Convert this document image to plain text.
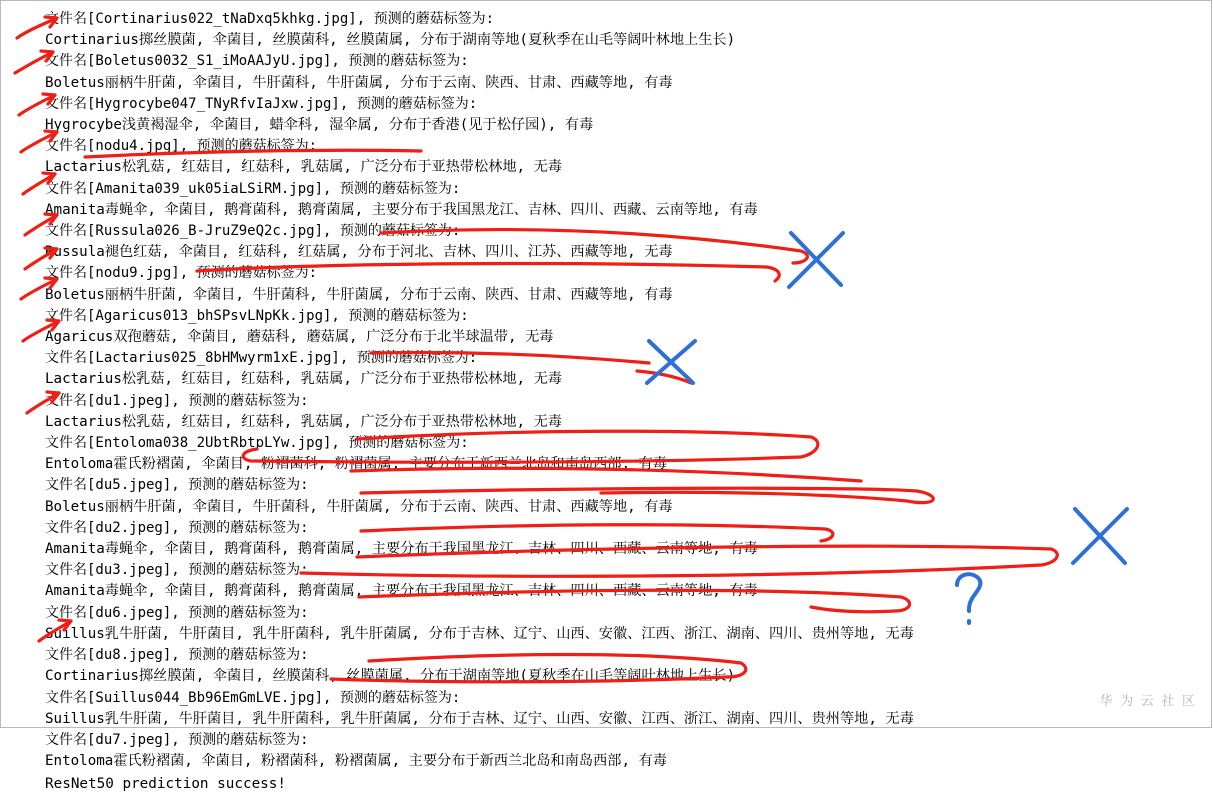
文件名[Cortinarius022_tNaDxq5khkg.jpg], 预测的蘑菇标签为:
Cortinarius掷丝膜菌, 伞菌目, 丝膜菌科, 丝膜菌属, 分布于湖南等地(夏秋季在山毛等阔叶林地上生长)
文件名[Boletus0032_S1_iMoAAJyU.jpg], 预测的蘑菇标签为:
Boletus丽柄牛肝菌, 伞菌目, 牛肝菌科, 牛肝菌属, 分布于云南、陕西、甘肃、西藏等地, 有毒
文件名[Hygrocybe047_TNyRfvIaJxw.jpg], 预测的蘑菇标签为:
Hygrocybe浅黄褐湿伞, 伞菌目, 蜡伞科, 湿伞属, 分布于香港(见于松仔园), 有毒
文件名[nodu4.jpg], 预测的蘑菇标签为:
Lactarius松乳菇, 红菇目, 红菇科, 乳菇属, 广泛分布于亚热带松林地, 无毒
文件名[Amanita039_uk05iaLSiRM.jpg], 预测的蘑菇标签为:
Amanita毒蝇伞, 伞菌目, 鹅膏菌科, 鹅膏菌属, 主要分布于我国黑龙江、吉林、四川、西藏、云南等地, 有毒
文件名[Russula026_B-JruZ9eQ2c.jpg], 预测的蘑菇标签为:
Russula褪色红菇, 伞菌目, 红菇科, 红菇属, 分布于河北、吉林、四川、江苏、西藏等地, 无毒
文件名[nodu9.jpg], 预测的蘑菇标签为:
Boletus丽柄牛肝菌, 伞菌目, 牛肝菌科, 牛肝菌属, 分布于云南、陕西、甘肃、西藏等地, 有毒
文件名[Agaricus013_bhSPsvLNpKk.jpg], 预测的蘑菇标签为:
Agaricus双孢蘑菇, 伞菌目, 蘑菇科, 蘑菇属, 广泛分布于北半球温带, 无毒
文件名[Lactarius025_8bHMwyrm1xE.jpg], 预测的蘑菇标签为:
Lactarius松乳菇, 红菇目, 红菇科, 乳菇属, 广泛分布于亚热带松林地, 无毒
文件名[du1.jpeg], 预测的蘑菇标签为:
Lactarius松乳菇, 红菇目, 红菇科, 乳菇属, 广泛分布于亚热带松林地, 无毒
文件名[Entoloma038_2UbtRbtpLYw.jpg], 预测的蘑菇标签为:
Entoloma霍氏粉褶菌, 伞菌目, 粉褶菌科, 粉褶菌属, 主要分布于新西兰北岛和南岛西部, 有毒
文件名[du5.jpeg], 预测的蘑菇标签为:
Boletus丽柄牛肝菌, 伞菌目, 牛肝菌科, 牛肝菌属, 分布于云南、陕西、甘肃、西藏等地, 有毒
文件名[du2.jpeg], 预测的蘑菇标签为:
Amanita毒蝇伞, 伞菌目, 鹅膏菌科, 鹅膏菌属, 主要分布于我国黑龙江、吉林、四川、西藏、云南等地, 有毒
文件名[du3.jpeg], 预测的蘑菇标签为:
Amanita毒蝇伞, 伞菌目, 鹅膏菌科, 鹅膏菌属, 主要分布于我国黑龙江、吉林、四川、西藏、云南等地, 有毒
文件名[du6.jpeg], 预测的蘑菇标签为:
Suillus乳牛肝菌, 牛肝菌目, 乳牛肝菌科, 乳牛肝菌属, 分布于吉林、辽宁、山西、安徽、江西、浙江、湖南、四川、贵州等地, 无毒
文件名[du8.jpeg], 预测的蘑菇标签为:
Cortinarius掷丝膜菌, 伞菌目, 丝膜菌科, 丝膜菌属, 分布于湖南等地(夏秋季在山毛等阔叶林地上生长)
文件名[Suillus044_Bb96EmGmLVE.jpg], 预测的蘑菇标签为:
Suillus乳牛肝菌, 牛肝菌目, 乳牛肝菌科, 乳牛肝菌属, 分布于吉林、辽宁、山西、安徽、江西、浙江、湖南、四川、贵州等地, 无毒
文件名[du7.jpeg], 预测的蘑菇标签为:
Entoloma霍氏粉褶菌, 伞菌目, 粉褶菌科, 粉褶菌属, 主要分布于新西兰北岛和南岛西部, 有毒
ResNet50 prediction success!
华 为 云 社 区
